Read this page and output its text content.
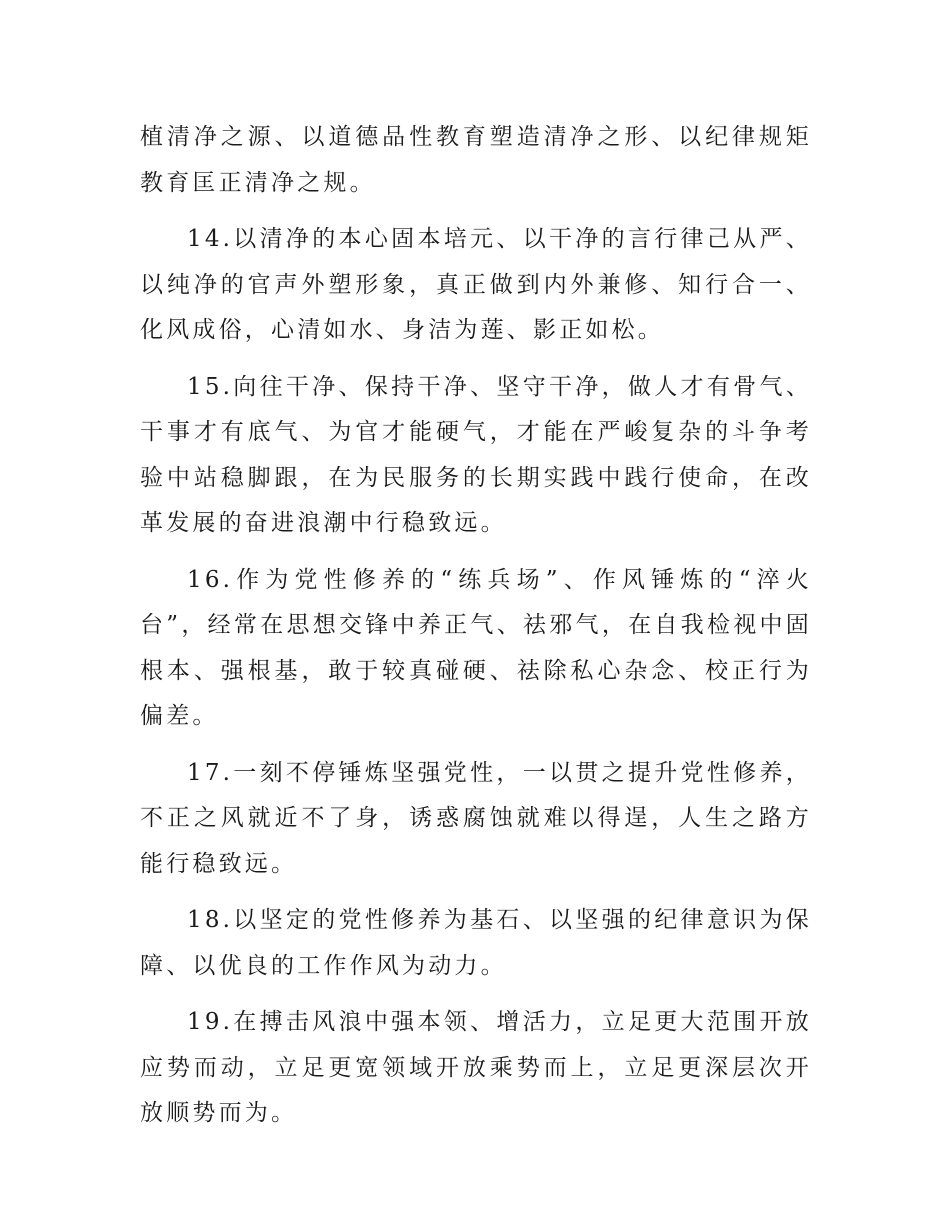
植清净之源、以道德品性教育塑造清净之形、以纪律规矩教育匡正清净之规。

14.以清净的本心固本培元、以干净的言行律己从严、以纯净的官声外塑形象，真正做到内外兼修、知行合一、化风成俗，心清如水、身洁为莲、影正如松。

15.向往干净、保持干净、坚守干净，做人才有骨气、干事才有底气、为官才能硬气，才能在严峻复杂的斗争考验中站稳脚跟，在为民服务的长期实践中践行使命，在改革发展的奋进浪潮中行稳致远。

16.作为党性修养的“练兵场”、作风锤炼的“淬火台”，经常在思想交锋中养正气、祛邪气，在自我检视中固根本、强根基，敢于较真碰硬、祛除私心杂念、校正行为偏差。

17.一刻不停锤炼坚强党性，一以贯之提升党性修养，不正之风就近不了身，诱惑腐蚀就难以得逞，人生之路方能行稳致远。

18.以坚定的党性修养为基石、以坚强的纪律意识为保障、以优良的工作作风为动力。

19.在搏击风浪中强本领、增活力，立足更大范围开放应势而动，立足更宽领域开放乘势而上，立足更深层次开放顺势而为。
